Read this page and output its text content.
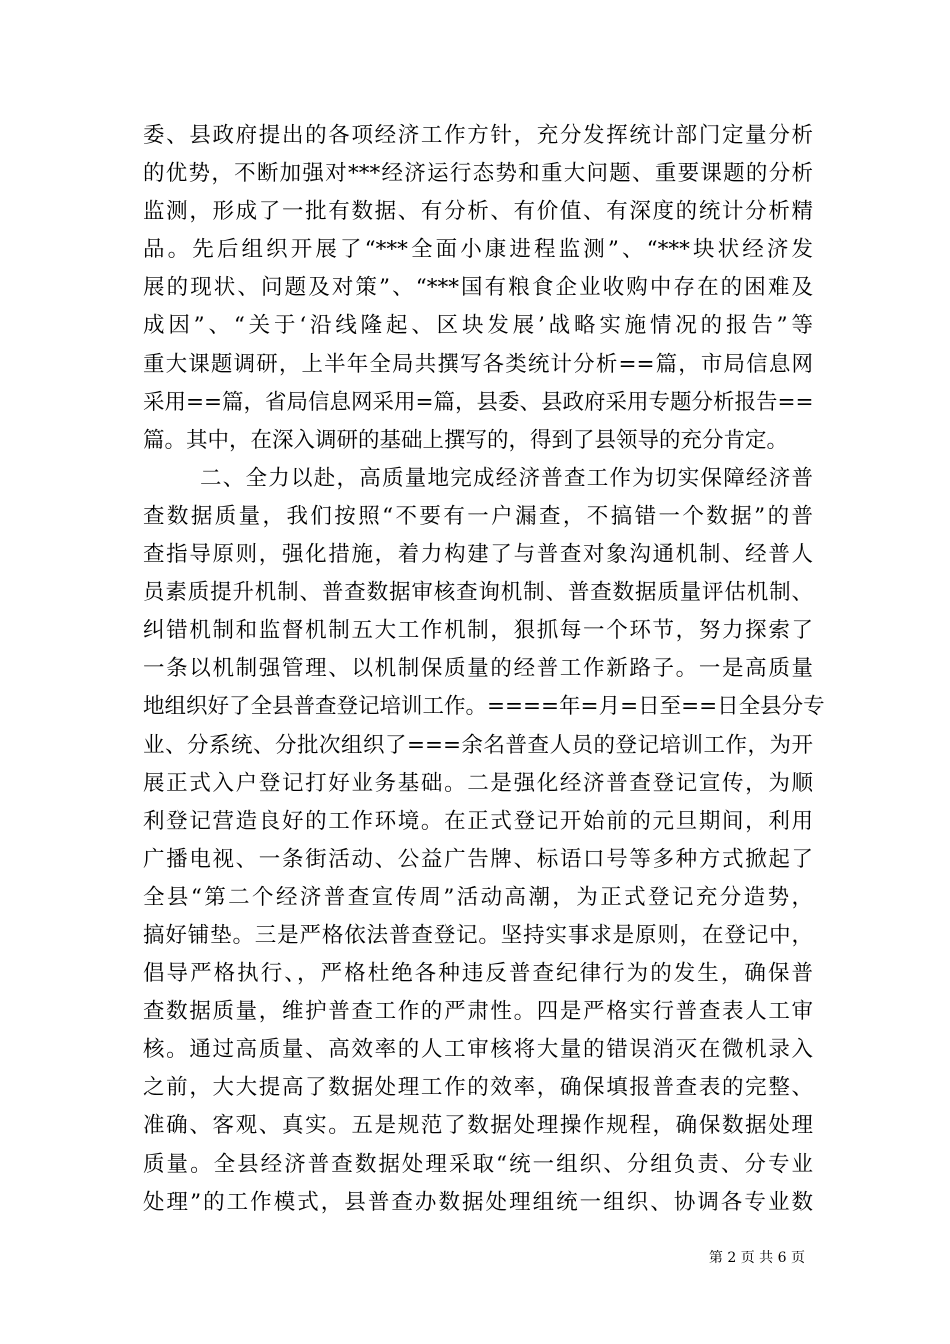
委、县政府提出的各项经济工作方针，充分发挥统计部门定量分析
的优势，不断加强对***经济运行态势和重大问题、重要课题的分析
监测，形成了一批有数据、有分析、有价值、有深度的统计分析精
品。先后组织开展了“***全面小康进程监测”、“***块状经济发
展的现状、问题及对策”、“***国有粮食企业收购中存在的困难及
成因”、“关于‘沿线隆起、区块发展’战略实施情况的报告”等
重大课题调研，上半年全局共撰写各类统计分析==篇，市局信息网
采用==篇，省局信息网采用=篇，县委、县政府采用专题分析报告==
篇。其中，在深入调研的基础上撰写的，得到了县领导的充分肯定。
二、全力以赴，高质量地完成经济普查工作为切实保障经济普
查数据质量，我们按照“不要有一户漏查，不搞错一个数据”的普
查指导原则，强化措施，着力构建了与普查对象沟通机制、经普人
员素质提升机制、普查数据审核查询机制、普查数据质量评估机制、
纠错机制和监督机制五大工作机制，狠抓每一个环节，努力探索了
一条以机制强管理、以机制保质量的经普工作新路子。一是高质量
地组织好了全县普查登记培训工作。====年=月=日至==日全县分专
业、分系统、分批次组织了===余名普查人员的登记培训工作，为开
展正式入户登记打好业务基础。二是强化经济普查登记宣传，为顺
利登记营造良好的工作环境。在正式登记开始前的元旦期间，利用
广播电视、一条街活动、公益广告牌、标语口号等多种方式掀起了
全县“第二个经济普查宣传周”活动高潮，为正式登记充分造势，
搞好铺垫。三是严格依法普查登记。坚持实事求是原则，在登记中，
倡导严格执行、，严格杜绝各种违反普查纪律行为的发生，确保普
查数据质量，维护普查工作的严肃性。四是严格实行普查表人工审
核。通过高质量、高效率的人工审核将大量的错误消灭在微机录入
之前，大大提高了数据处理工作的效率，确保填报普查表的完整、
准确、客观、真实。五是规范了数据处理操作规程，确保数据处理
质量。全县经济普查数据处理采取“统一组织、分组负责、分专业
处理”的工作模式，县普查办数据处理组统一组织、协调各专业数
第 2 页 共 6 页
